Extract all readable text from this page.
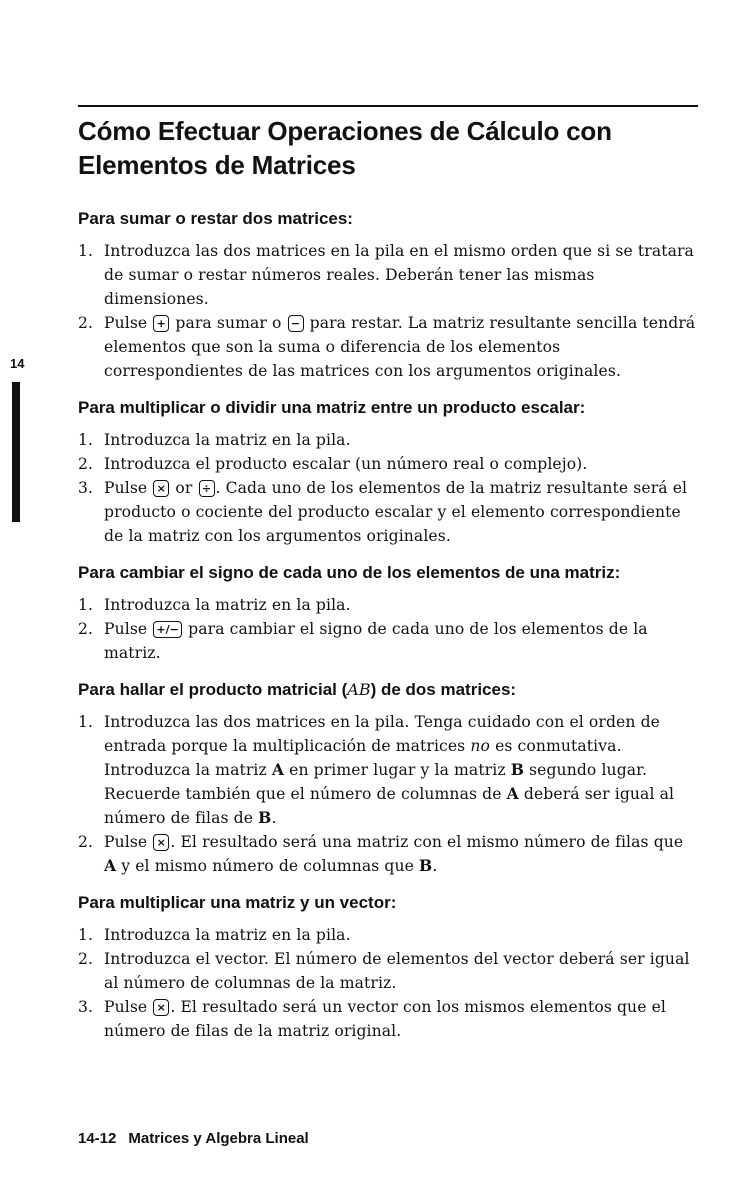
14
Cómo Efectuar Operaciones de Cálculo con
Elementos de Matrices
Para sumar o restar dos matrices:
1. Introduzca las dos matrices en la pila en el mismo orden que si se tratara de sumar o restar números reales. Deberán tener las mismas dimensiones.
2. Pulse + para sumar o − para restar. La matriz resultante sencilla tendrá elementos que son la suma o diferencia de los elementos correspondientes de las matrices con los argumentos originales.
Para multiplicar o dividir una matriz entre un producto escalar:
1. Introduzca la matriz en la pila.
2. Introduzca el producto escalar (un número real o complejo).
3. Pulse × or ÷ . Cada uno de los elementos de la matriz resultante será el producto o cociente del producto escalar y el elemento correspondiente de la matriz con los argumentos originales.
Para cambiar el signo de cada uno de los elementos de una matriz:
1. Introduzca la matriz en la pila.
2. Pulse +/− para cambiar el signo de cada uno de los elementos de la matriz.
Para hallar el producto matricial (AB) de dos matrices:
1. Introduzca las dos matrices en la pila. Tenga cuidado con el orden de entrada porque la multiplicación de matrices no es conmutativa. Introduzca la matriz A en primer lugar y la matriz B segundo lugar. Recuerde también que el número de columnas de A deberá ser igual al número de filas de B.
2. Pulse × . El resultado será una matriz con el mismo número de filas que A y el mismo número de columnas que B.
Para multiplicar una matriz y un vector:
1. Introduzca la matriz en la pila.
2. Introduzca el vector. El número de elementos del vector deberá ser igual al número de columnas de la matriz.
3. Pulse × . El resultado será un vector con los mismos elementos que el número de filas de la matriz original.
14-12 Matrices y Algebra Lineal
